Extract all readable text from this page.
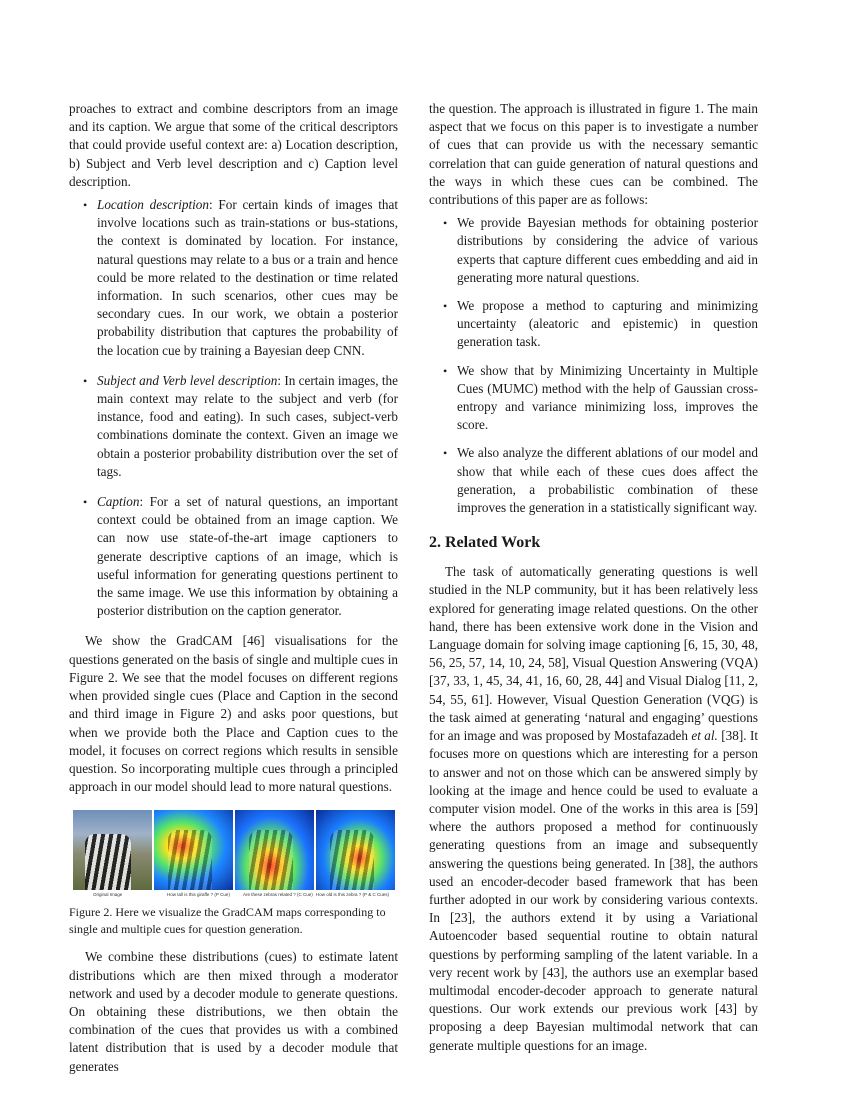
proaches to extract and combine descriptors from an image and its caption. We argue that some of the critical descriptors that could provide useful context are: a) Location description, b) Subject and Verb level description and c) Caption level description.

• Location description: For certain kinds of images that involve locations such as train-stations or bus-stations, the context is dominated by location. For instance, natural questions may relate to a bus or a train and hence could be more related to the destination or time related information. In such scenarios, other cues may be secondary cues. In our work, we obtain a posterior probability distribution that captures the probability of the location cue by training a Bayesian deep CNN.
• Subject and Verb level description: In certain images, the main context may relate to the subject and verb (for instance, food and eating). In such cases, subject-verb combinations dominate the context. Given an image we obtain a posterior probability distribution over the set of tags.
• Caption: For a set of natural questions, an important context could be obtained from an image caption. We can now use state-of-the-art image captioners to generate descriptive captions of an image, which is useful information for generating questions pertinent to the same image. We use this information by obtaining a posterior distribution on the caption generator.

We show the GradCAM [46] visualisations for the questions generated on the basis of single and multiple cues in Figure 2. We see that the model focuses on different regions when provided single cues (Place and Caption in the second and third image in Figure 2) and asks poor questions, but when we provide both the Place and Caption cues to the model, it focuses on correct regions which results in sensible question. So incorporating multiple cues through a principled approach in our model should lead to more natural questions.

Original Image	How tall is this giraffe ? (P Cue)	Are these zebras related ? (C Cue) How old is this zebra ? (P & C Cues)

Figure 2. Here we visualize the GradCAM maps corresponding to single and multiple cues for question generation.

We combine these distributions (cues) to estimate latent distributions which are then mixed through a moderator network and used by a decoder module to generate questions. On obtaining these distributions, we then obtain the combination of the cues that provides us with a combined latent distribution that is used by a decoder module that generates

the question. The approach is illustrated in figure 1. The main aspect that we focus on this paper is to investigate a number of cues that can provide us with the necessary semantic correlation that can guide generation of natural questions and the ways in which these cues can be combined. The contributions of this paper are as follows:

• We provide Bayesian methods for obtaining posterior distributions by considering the advice of various experts that capture different cues embedding and aid in generating more natural questions.
• We propose a method to capturing and minimizing uncertainty (aleatoric and epistemic) in question generation task.
• We show that by Minimizing Uncertainty in Multiple Cues (MUMC) method with the help of Gaussian cross-entropy and variance minimizing loss, improves the score.
• We also analyze the different ablations of our model and show that while each of these cues does affect the generation, a probabilistic combination of these improves the generation in a statistically significant way.
2. Related Work

The task of automatically generating questions is well studied in the NLP community, but it has been relatively less explored for generating image related questions. On the other hand, there has been extensive work done in the Vision and Language domain for solving image captioning [6, 15, 30, 48, 56, 25, 57, 14, 10, 24, 58], Visual Question Answering (VQA) [37, 33, 1, 45, 34, 41, 16, 60, 28, 44] and Visual Dialog [11, 2, 54, 55, 61]. However, Visual Question Generation (VQG) is the task aimed at generating ‘natural and engaging’ questions for an image and was proposed by Mostafazadeh et al. [38]. It focuses more on questions which are interesting for a person to answer and not on those which can be answered simply by looking at the image and hence could be used to evaluate a computer vision model. One of the works in this area is [59] where the authors proposed a method for continuously generating questions from an image and subsequently answering the questions being generated. In [38], the authors used an encoder-decoder based framework that has been further adopted in our work by considering various contexts. In [23], the authors extend it by using a Variational Autoencoder based sequential routine to obtain natural questions by performing sampling of the latent variable. In a very recent work by [43], the authors use an exemplar based multimodal encoder-decoder approach to generate natural questions. Our work extends our previous work [43] by proposing a deep Bayesian multimodal network that can generate multiple questions for an image.
